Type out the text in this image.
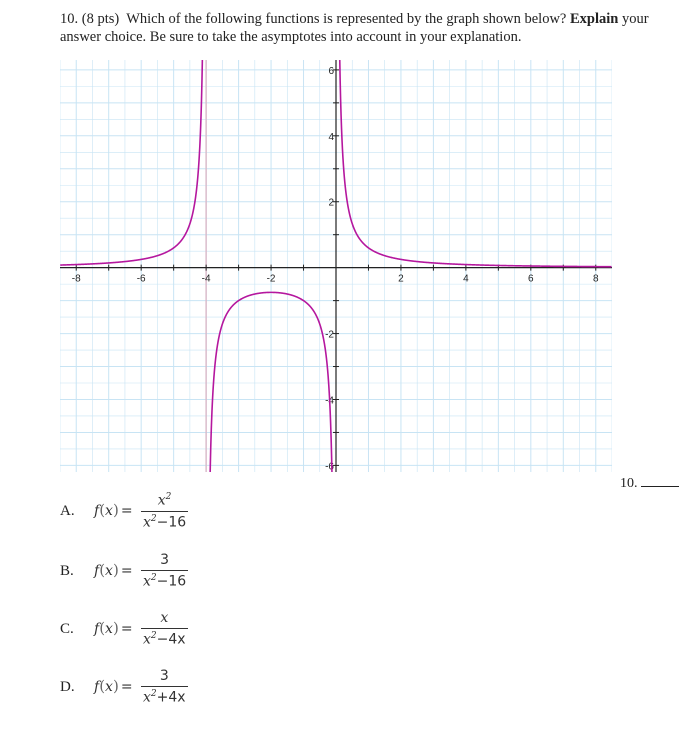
10. (8 pts) Which of the following functions is represented by the graph shown below? Explain your answer choice. Be sure to take the asymptotes into account in your explanation.
-8	-6	-4	-2	2	4	6	8
6
4
2
-2
-4
-6
10.
A.	$f(x) = \frac{x^2}{x^2-16}$
B.	$f(x) = \frac{3}{x^2-16}$
C.	$f(x) = \frac{x}{x^2-4x}$
D.	$f(x) = \frac{3}{x^2+4x}$
